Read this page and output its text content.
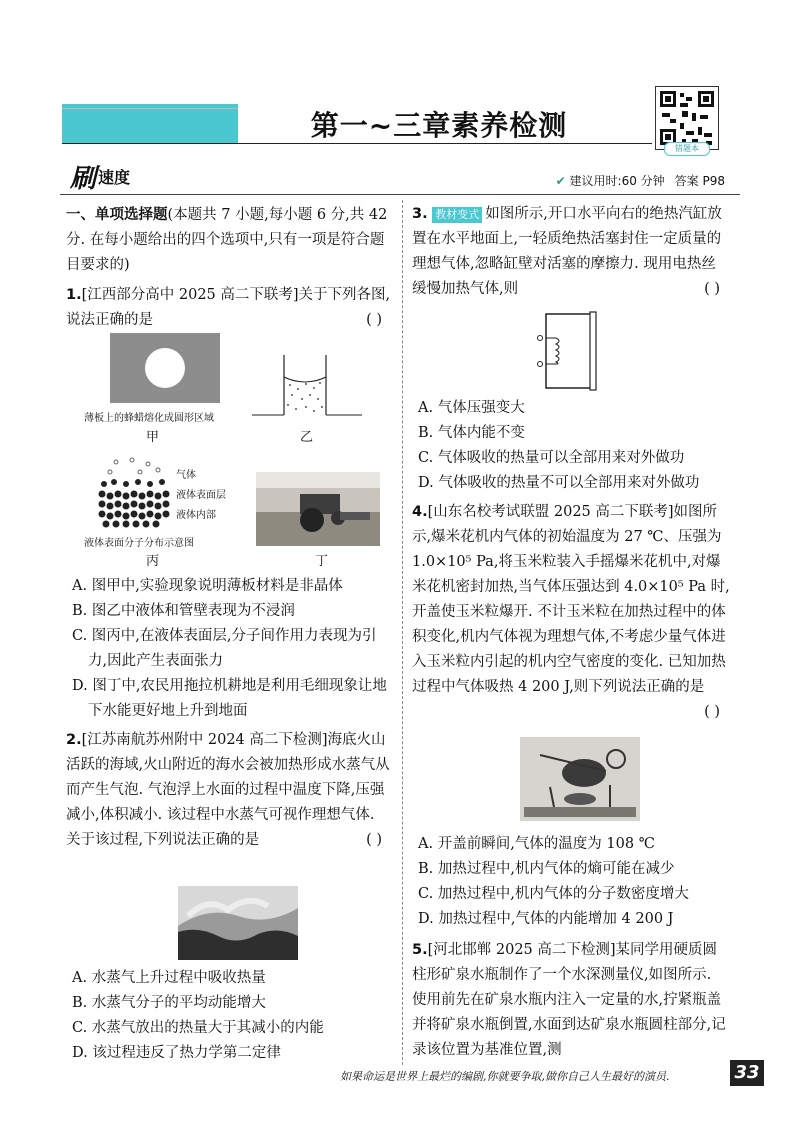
第一~三章素养检测
错题本
刷 速度	✔ 建议用时:60 分钟 答案 P98

一、单项选择题(本题共 7 小题,每小题 6 分,共 42 分. 在每小题给出的四个选项中,只有一项是符合题目要求的)

1.[江西部分高中 2025 高二下联考]关于下列各图,说法正确的是	( )

薄板上的蜂蜡熔化成圆形区域
甲	乙
气体
液体表面层
液体内部
液体表面分子分布示意图
丙	丁

A. 图甲中,实验现象说明薄板材料是非晶体

B. 图乙中液体和管壁表现为不浸润

C. 图丙中,在液体表面层,分子间作用力表现为引力,因此产生表面张力

D. 图丁中,农民用拖拉机耕地是利用毛细现象让地下水能更好地上升到地面

2.[江苏南航苏州附中 2024 高二下检测]海底火山活跃的海域,火山附近的海水会被加热形成水蒸气从而产生气泡. 气泡浮上水面的过程中温度下降,压强减小,体积减小. 该过程中水蒸气可视作理想气体. 关于该过程,下列说法正确的是	( )

A. 水蒸气上升过程中吸收热量

B. 水蒸气分子的平均动能增大

C. 水蒸气放出的热量大于其减小的内能

D. 该过程违反了热力学第二定律

3. 教材变式 如图所示,开口水平向右的绝热汽缸放置在水平地面上,一轻质绝热活塞封住一定质量的理想气体,忽略缸壁对活塞的摩擦力. 现用电热丝缓慢加热气体,则	( )

A. 气体压强变大

B. 气体内能不变

C. 气体吸收的热量可以全部用来对外做功

D. 气体吸收的热量不可以全部用来对外做功

4.[山东名校考试联盟 2025 高二下联考]如图所示,爆米花机内气体的初始温度为 27 ℃、压强为 1.0×10⁵ Pa,将玉米粒装入手摇爆米花机中,对爆米花机密封加热,当气体压强达到 4.0×10⁵ Pa 时,开盖使玉米粒爆开. 不计玉米粒在加热过程中的体积变化,机内气体视为理想气体,不考虑少量气体进入玉米粒内引起的机内空气密度的变化. 已知加热过程中气体吸热 4 200 J,则下列说法正确的是
( )

A. 开盖前瞬间,气体的温度为 108 ℃

B. 加热过程中,机内气体的熵可能在减少

C. 加热过程中,机内气体的分子数密度增大

D. 加热过程中,气体的内能增加 4 200 J

5.[河北邯郸 2025 高二下检测]某同学用硬质圆柱形矿泉水瓶制作了一个水深测量仪,如图所示. 使用前先在矿泉水瓶内注入一定量的水,拧紧瓶盖并将矿泉水瓶倒置,水面到达矿泉水瓶圆柱部分,记录该位置为基准位置,测

如果命运是世界上最烂的编剧,你就要争取,做你自己人生最好的演员.	33
